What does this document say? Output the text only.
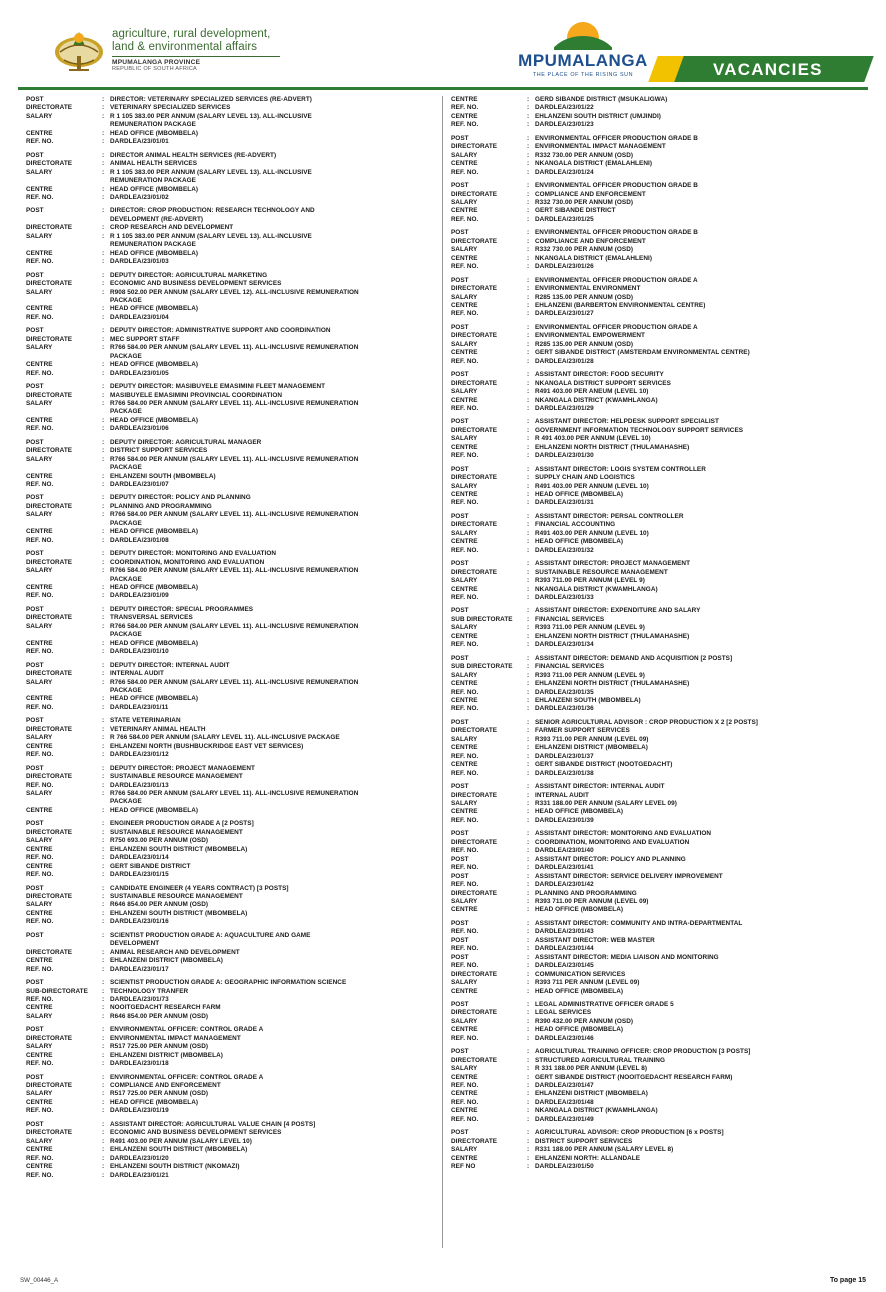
agriculture, rural development,
land & environmental affairs
MPUMALANGA PROVINCE
REPUBLIC OF SOUTH AFRICA	MPUMALANGA
THE PLACE OF THE RISING SUN	VACANCIES
POST	: DIRECTOR: VETERINARY SPECIALIZED SERVICES (RE-ADVERT)
DIRECTORATE	: VETERINARY SPECIALIZED SERVICES
SALARY	: R 1 105 383.00 PER ANNUM (SALARY LEVEL 13). ALL-INCLUSIVE
REMUNERATION PACKAGE
CENTRE	: HEAD OFFICE (MBOMBELA)
REF. NO.	: DARDLEA/23/01/01
POST	: DIRECTOR ANIMAL HEALTH SERVICES (RE-ADVERT)
DIRECTORATE	: ANIMAL HEALTH SERVICES
SALARY	: R 1 105 383.00 PER ANNUM (SALARY LEVEL 13). ALL-INCLUSIVE
REMUNERATION PACKAGE
CENTRE	: HEAD OFFICE (MBOMBELA)
REF. NO.	: DARDLEA/23/01/02
POST	: DIRECTOR: CROP PRODUCTION: RESEARCH TECHNOLOGY AND
DEVELOPMENT (RE-ADVERT)
DIRECTORATE	: CROP RESEARCH AND DEVELOPMENT
SALARY	: R 1 105 383.00 PER ANNUM (SALARY LEVEL 13). ALL-INCLUSIVE
REMUNERATION PACKAGE
CENTRE	: HEAD OFFICE (MBOMBELA)
REF. NO.	: DARDLEA/23/01/03
POST	: DEPUTY DIRECTOR: AGRICULTURAL MARKETING
DIRECTORATE	: ECONOMIC AND BUSINESS DEVELOPMENT SERVICES
SALARY	: R908 502.00 PER ANNUM (SALARY LEVEL 12). ALL-INCLUSIVE REMUNERATION
PACKAGE
CENTRE	: HEAD OFFICE (MBOMBELA)
REF. NO.	: DARDLEA/23/01/04
POST	: DEPUTY DIRECTOR: ADMINISTRATIVE SUPPORT AND COORDINATION
DIRECTORATE	: MEC SUPPORT STAFF
SALARY	: R766 584.00 PER ANNUM (SALARY LEVEL 11). ALL-INCLUSIVE REMUNERATION
PACKAGE
CENTRE	: HEAD OFFICE (MBOMBELA)
REF. NO.	: DARDLEA/23/01/05
POST	: DEPUTY DIRECTOR: MASIBUYELE EMASIMINI FLEET MANAGEMENT
DIRECTORATE	: MASIBUYELE EMASIMINI PROVINCIAL COORDINATION
SALARY	: R766 584.00 PER ANNUM (SALARY LEVEL 11). ALL-INCLUSIVE REMUNERATION
PACKAGE
CENTRE	: HEAD OFFICE (MBOMBELA)
REF. NO.	: DARDLEA/23/01/06
POST	: DEPUTY DIRECTOR: AGRICULTURAL MANAGER
DIRECTORATE	: DISTRICT SUPPORT SERVICES
SALARY	: R766 584.00 PER ANNUM (SALARY LEVEL 11). ALL-INCLUSIVE REMUNERATION
PACKAGE
CENTRE	: EHLANZENI SOUTH (MBOMBELA)
REF. NO.	: DARDLEA/23/01/07
POST	: DEPUTY DIRECTOR: POLICY AND PLANNING
DIRECTORATE	: PLANNING AND PROGRAMMING
SALARY	: R766 584.00 PER ANNUM (SALARY LEVEL 11). ALL-INCLUSIVE REMUNERATION
PACKAGE
CENTRE	: HEAD OFFICE (MBOMBELA)
REF. NO.	: DARDLEA/23/01/08
POST	: DEPUTY DIRECTOR: MONITORING AND EVALUATION
DIRECTORATE	: COORDINATION, MONITORING AND EVALUATION
SALARY	: R766 584.00 PER ANNUM (SALARY LEVEL 11). ALL-INCLUSIVE REMUNERATION
PACKAGE
CENTRE	: HEAD OFFICE (MBOMBELA)
REF. NO.	: DARDLEA/23/01/09
POST	: DEPUTY DIRECTOR: SPECIAL PROGRAMMES
DIRECTORATE	: TRANSVERSAL SERVICES
SALARY	: R766 584.00 PER ANNUM (SALARY LEVEL 11). ALL-INCLUSIVE REMUNERATION
PACKAGE
CENTRE	: HEAD OFFICE (MBOMBELA)
REF. NO.	: DARDLEA/23/01/10
POST	: DEPUTY DIRECTOR: INTERNAL AUDIT
DIRECTORATE	: INTERNAL AUDIT
SALARY	: R766 584.00 PER ANNUM (SALARY LEVEL 11). ALL-INCLUSIVE REMUNERATION
PACKAGE
CENTRE	: HEAD OFFICE (MBOMBELA)
REF. NO.	: DARDLEA/23/01/11
POST	: STATE VETERINARIAN
DIRECTORATE	: VETERINARY ANIMAL HEALTH
SALARY	: R 766 584.00 PER ANNUM (SALARY LEVEL 11). ALL-INCLUSIVE PACKAGE
CENTRE	: EHLANZENI NORTH (BUSHBUCKRIDGE EAST VET SERVICES)
REF. NO.	: DARDLEA/23/01/12
POST	: DEPUTY DIRECTOR: PROJECT MANAGEMENT
DIRECTORATE	: SUSTAINABLE RESOURCE MANAGEMENT
REF. NO.	: DARDLEA/23/01/13
SALARY	: R766 584.00 PER ANNUM (SALARY LEVEL 11). ALL-INCLUSIVE REMUNERATION
PACKAGE
CENTRE	: HEAD OFFICE (MBOMBELA)
POST	: ENGINEER PRODUCTION GRADE A [2 POSTS]
DIRECTORATE	: SUSTAINABLE RESOURCE MANAGEMENT
SALARY	: R750 693.00 PER ANNUM (OSD)
CENTRE	: EHLANZENI SOUTH DISTRICT (MBOMBELA)
REF. NO.	: DARDLEA/23/01/14
CENTRE	: GERT SIBANDE DISTRICT
REF. NO.	: DARDLEA/23/01/15
POST	: CANDIDATE ENGINEER (4 YEARS CONTRACT) [3 POSTS]
DIRECTORATE	: SUSTAINABLE RESOURCE MANAGEMENT
SALARY	: R646 854.00 PER ANNUM (OSD)
CENTRE	: EHLANZENI SOUTH DISTRICT (MBOMBELA)
REF. NO.	: DARDLEA/23/01/16
POST	: SCIENTIST PRODUCTION GRADE A: AQUACULTURE AND GAME
DEVELOPMENT
DIRECTORATE	: ANIMAL RESEARCH AND DEVELOPMENT
CENTRE	: EHLANZENI DISTRICT (MBOMBELA)
REF. NO.	: DARDLEA/23/01/17
POST	: SCIENTIST PRODUCTION GRADE A: GEOGRAPHIC INFORMATION SCIENCE
SUB-DIRECTORATE	: TECHNOLOGY TRANFER
REF. NO.	: DARDLEA/23/01/73
CENTRE	: NOOITGEDACHT RESEARCH FARM
SALARY	: R646 854.00 PER ANNUM (OSD)
POST	: ENVIRONMENTAL OFFICER: CONTROL GRADE A
DIRECTORATE	: ENVIRONMENTAL IMPACT MANAGEMENT
SALARY	: R517 725.00 PER ANNUM (OSD)
CENTRE	: EHLANZENI DISTRICT (MBOMBELA)
REF. NO.	: DARDLEA/23/01/18
POST	: ENVIRONMENTAL OFFICER: CONTROL GRADE A
DIRECTORATE	: COMPLIANCE AND ENFORCEMENT
SALARY	: R517 725.00 PER ANNUM (OSD)
CENTRE	: HEAD OFFICE (MBOMBELA)
REF. NO.	: DARDLEA/23/01/19
POST	: ASSISTANT DIRECTOR: AGRICULTURAL VALUE CHAIN [4 POSTS]
DIRECTORATE	: ECONOMIC AND BUSINESS DEVELOPMENT SERVICES
SALARY	: R491 403.00 PER ANNUM (SALARY LEVEL 10)
CENTRE	: EHLANZENI SOUTH DISTRICT (MBOMBELA)
REF. NO.	: DARDLEA/23/01/20
CENTRE	: EHLANZENI SOUTH DISTRICT (NKOMAZI)
REF. NO.	: DARDLEA/23/01/21
CENTRE	: GERD SIBANDE DISTRICT (MSUKALIGWA)
REF. NO.	: DARDLEA/23/01/22
CENTRE	: EHLANZENI SOUTH DISTRICT (UMJINDI)
REF. NO.	: DARDLEA/23/01/23
POST	: ENVIRONMENTAL OFFICER PRODUCTION GRADE B
DIRECTORATE	: ENVIRONMENTAL IMPACT MANAGEMENT
SALARY	: R332 730.00 PER ANNUM (OSD)
CENTRE	: NKANGALA DISTRICT (EMALAHLENI)
REF. NO.	: DARDLEA/23/01/24
POST	: ENVIRONMENTAL OFFICER PRODUCTION GRADE B
DIRECTORATE	: COMPLIANCE AND ENFORCEMENT
SALARY	: R332 730.00 PER ANNUM (OSD)
CENTRE	: GERT SIBANDE DISTRICT
REF. NO.	: DARDLEA/23/01/25
POST	: ENVIRONMENTAL OFFICER PRODUCTION GRADE B
DIRECTORATE	: COMPLIANCE AND ENFORCEMENT
SALARY	: R332 730.00 PER ANNUM (OSD)
CENTRE	: NKANGALA DISTRICT (EMALAHLENI)
REF. NO.	: DARDLEA/23/01/26
POST	: ENVIRONMENTAL OFFICER PRODUCTION GRADE A
DIRECTORATE	: ENVIRONMENTAL ENVIRONMENT
SALARY	: R285 135.00 PER ANNUM (OSD)
CENTRE	: EHLANZENI (BARBERTON ENVIRONMENTAL CENTRE)
REF. NO.	: DARDLEA/23/01/27
POST	: ENVIRONMENTAL OFFICER PRODUCTION GRADE A
DIRECTORATE	: ENVIRONMENTAL EMPOWERMENT
SALARY	: R285 135.00 PER ANNUM (OSD)
CENTRE	: GERT SIBANDE DISTRICT (AMSTERDAM ENVIRONMENTAL CENTRE)
REF. NO.	: DARDLEA/23/01/28
POST	: ASSISTANT DIRECTOR: FOOD SECURITY
DIRECTORATE	: NKANGALA DISTRICT SUPPORT SERVICES
SALARY	: R491 403.00 PER ANEUM (LEVEL 10)
CENTRE	: NKANGALA DISTRICT (KWAMHLANGA)
REF. NO.	: DARDLEA/23/01/29
POST	: ASSISTANT DIRECTOR: HELPDESK SUPPORT SPECIALIST
DIRECTORATE	: GOVERNMENT INFORMATION TECHNOLOGY SUPPORT SERVICES
SALARY	: R 491 403.00 PER ANNUM (LEVEL 10)
CENTRE	: EHLANZENI NORTH DISTRICT (THULAMAHASHE)
REF. NO.	: DARDLEA/23/01/30
POST	: ASSISTANT DIRECTOR: LOGIS SYSTEM CONTROLLER
DIRECTORATE	: SUPPLY CHAIN AND LOGISTICS
SALARY	: R491 403.00 PER ANNUM (LEVEL 10)
CENTRE	: HEAD OFFICE (MBOMBELA)
REF. NO.	: DARDLEA/23/01/31
POST	: ASSISTANT DIRECTOR: PERSAL CONTROLLER
DIRECTORATE	: FINANCIAL ACCOUNTING
SALARY	: R491 403.00 PER ANNUM (LEVEL 10)
CENTRE	: HEAD OFFICE (MBOMBELA)
REF. NO.	: DARDLEA/23/01/32
POST	: ASSISTANT DIRECTOR: PROJECT MANAGEMENT
DIRECTORATE	: SUSTAINABLE RESOURCE MANAGEMENT
SALARY	: R393 711.00 PER ANNUM (LEVEL 9)
CENTRE	: NKANGALA DISTRICT (KWAMHLANGA)
REF. NO.	: DARDLEA/23/01/33
POST	: ASSISTANT DIRECTOR: EXPENDITURE AND SALARY
SUB DIRECTORATE	: FINANCIAL SERVICES
SALARY	: R393 711.00 PER ANNUM (LEVEL 9)
CENTRE	: EHLANZENI NORTH DISTRICT (THULAMAHASHE)
REF. NO.	: DARDLEA/23/01/34
POST	: ASSISTANT DIRECTOR: DEMAND AND ACQUISITION [2 POSTS]
SUB DIRECTORATE	: FINANCIAL SERVICES
SALARY	: R393 711.00 PER ANNUM (LEVEL 9)
CENTRE	: EHLANZENI NORTH DISTRICT (THULAMAHASHE)
REF. NO.	: DARDLEA/23/01/35
CENTRE	: EHLANZENI SOUTH (MBOMBELA)
REF. NO.	: DARDLEA/23/01/36
POST	: SENIOR AGRICULTURAL ADVISOR : CROP PRODUCTION X 2 [2 POSTS]
DIRECTORATE	: FARMER SUPPORT SERVICES
SALARY	: R393 711.00 PER ANNUM (LEVEL 09)
CENTRE	: EHLANZENI DISTRICT (MBOMBELA)
REF. NO.	: DARDLEA/23/01/37
CENTRE	: GERT SIBANDE DISTRICT (NOOTGEDACHT)
REF. NO.	: DARDLEA/23/01/38
POST	: ASSISTANT DIRECTOR: INTERNAL AUDIT
DIRECTORATE	: INTERNAL AUDIT
SALARY	: R331 188.00 PER ANNUM (SALARY LEVEL 09)
CENTRE	: HEAD OFFICE (MBOMBELA)
REF. NO.	: DARDLEA/23/01/39
POST	: ASSISTANT DIRECTOR: MONITORING AND EVALUATION
DIRECTORATE	: COORDINATION, MONITORING AND EVALUATION
REF. NO.	: DARDLEA/23/01/40
POST	: ASSISTANT DIRECTOR: POLICY AND PLANNING
REF. NO.	: DARDLEA/23/01/41
POST	: ASSISTANT DIRECTOR: SERVICE DELIVERY IMPROVEMENT
REF. NO.	: DARDLEA/23/01/42
DIRECTORATE	: PLANNING AND PROGRAMMING
SALARY	: R393 711.00 PER ANNUM (LEVEL 09)
CENTRE	: HEAD OFFICE (MBOMBELA)
POST	: ASSISTANT DIRECTOR: COMMUNITY AND INTRA-DEPARTMENTAL
REF. NO.	: DARDLEA/23/01/43
POST	: ASSISTANT DIRECTOR: WEB MASTER
REF. NO.	: DARDLEA/23/01/44
POST	: ASSISTANT DIRECTOR: MEDIA LIAISON AND MONITORING
REF. NO.	: DARDLEA/23/01/45
DIRECTORATE	: COMMUNICATION SERVICES
SALARY	: R393 711 PER ANNUM (LEVEL 09)
CENTRE	: HEAD OFFICE (MBOMBELA)
POST	: LEGAL ADMINISTRATIVE OFFICER GRADE 5
DIRECTORATE	: LEGAL SERVICES
SALARY	: R390 432.00 PER ANNUM (OSD)
CENTRE	: HEAD OFFICE (MBOMBELA)
REF. NO.	: DARDLEA/23/01/46
POST	: AGRICULTURAL TRAINING OFFICER: CROP PRODUCTION [3 POSTS]
DIRECTORATE	: STRUCTURED AGRICULTURAL TRAINING
SALARY	: R 331 188.00 PER ANNUM (LEVEL 8)
CENTRE	: GERT SIBANDE DISTRICT (NOOITGEDACHT RESEARCH FARM)
REF. NO.	: DARDLEA/23/01/47
CENTRE	: EHLANZENI DISTRICT (MBOMBELA)
REF. NO.	: DARDLEA/23/01/48
CENTRE	: NKANGALA DISTRICT (KWAMHLANGA)
REF. NO.	: DARDLEA/23/01/49
POST	: AGRICULTURAL ADVISOR: CROP PRODUCTION [6 x POSTS]
DIRECTORATE	: DISTRICT SUPPORT SERVICES
SALARY	: R331 188.00 PER ANNUM (SALARY LEVEL 8)
CENTRE	: EHLANZENI NORTH: ALLANDALE
REF NO	: DARDLEA/23/01/50
SW_00446_A	To page 15
